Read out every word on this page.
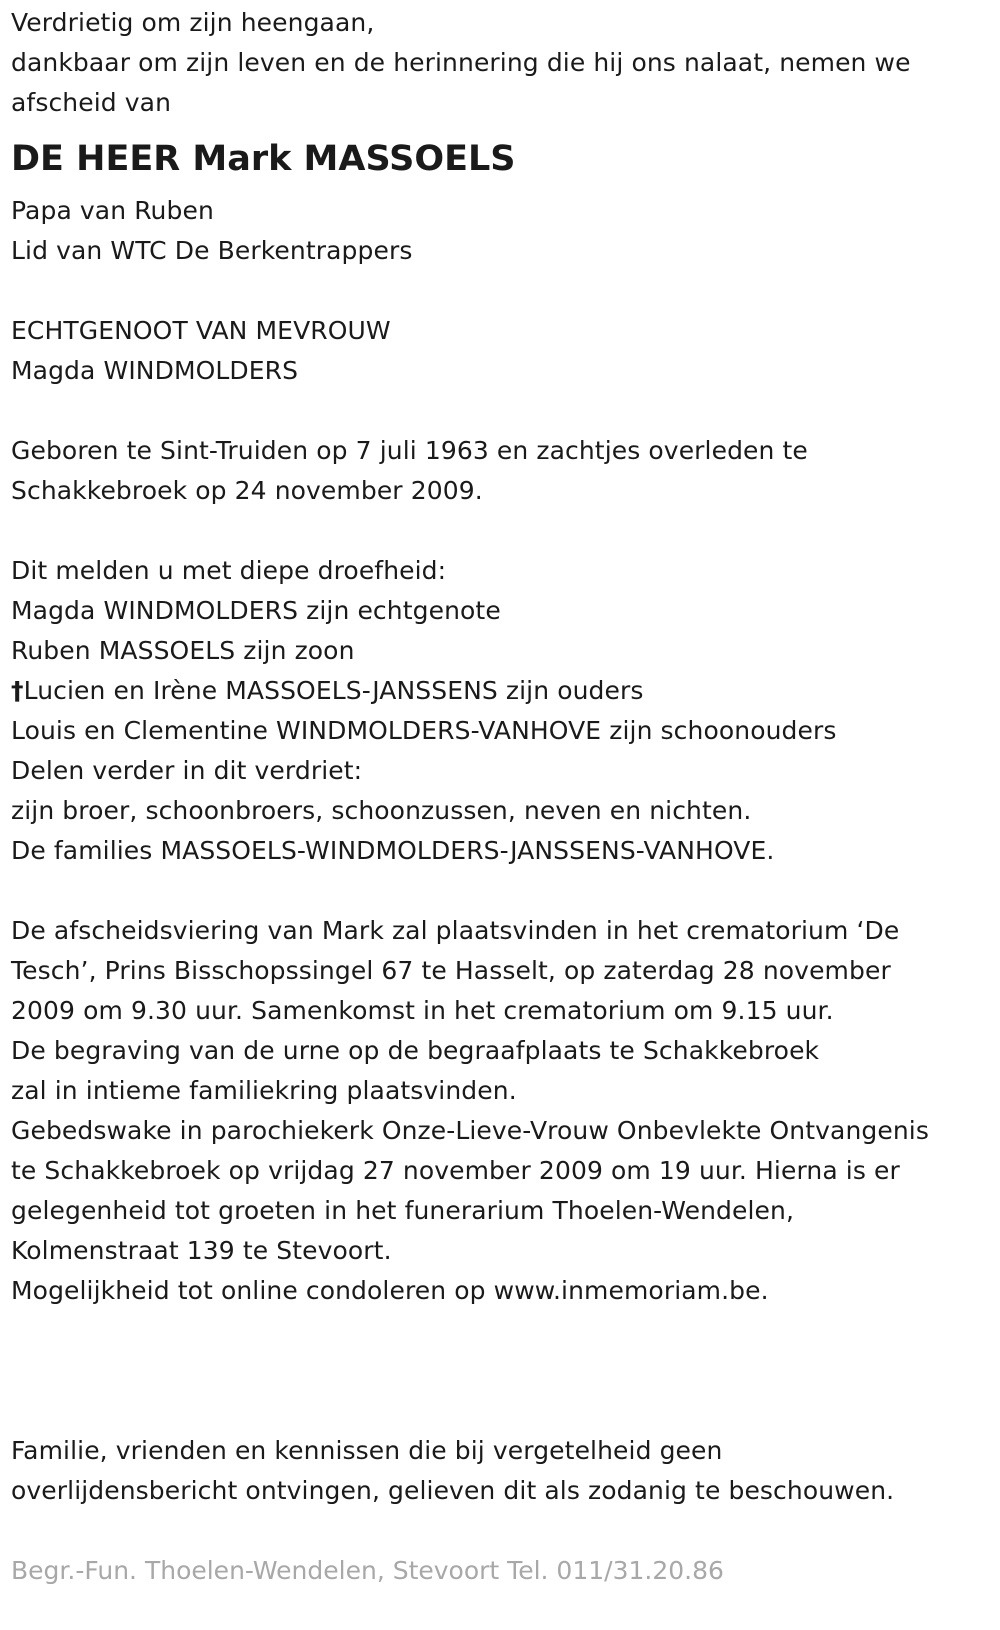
Verdrietig om zijn heengaan,
dankbaar om zijn leven en de herinnering die hij ons nalaat, nemen we
afscheid van
DE HEER Mark MASSOELS
Papa van Ruben
Lid van WTC De Berkentrappers
ECHTGENOOT VAN MEVROUW
Magda WINDMOLDERS
Geboren te Sint-Truiden op 7 juli 1963 en zachtjes overleden te
Schakkebroek op 24 november 2009.
Dit melden u met diepe droefheid:
Magda WINDMOLDERS zijn echtgenote
Ruben MASSOELS zijn zoon
†Lucien en Irène MASSOELS-JANSSENS zijn ouders
Louis en Clementine WINDMOLDERS-VANHOVE zijn schoonouders
Delen verder in dit verdriet:
zijn broer, schoonbroers, schoonzussen, neven en nichten.
De families MASSOELS-WINDMOLDERS-JANSSENS-VANHOVE.
De afscheidsviering van Mark zal plaatsvinden in het crematorium ‘De
Tesch’, Prins Bisschopssingel 67 te Hasselt, op zaterdag 28 november
2009 om 9.30 uur. Samenkomst in het crematorium om 9.15 uur.
De begraving van de urne op de begraafplaats te Schakkebroek
zal in intieme familiekring plaatsvinden.
Gebedswake in parochiekerk Onze-Lieve-Vrouw Onbevlekte Ontvangenis
te Schakkebroek op vrijdag 27 november 2009 om 19 uur. Hierna is er
gelegenheid tot groeten in het funerarium Thoelen-Wendelen,
Kolmenstraat 139 te Stevoort.
Mogelijkheid tot online condoleren op www.inmemoriam.be.
Familie, vrienden en kennissen die bij vergetelheid geen
overlijdensbericht ontvingen, gelieven dit als zodanig te beschouwen.
Begr.-Fun. Thoelen-Wendelen, Stevoort Tel. 011/31.20.86
